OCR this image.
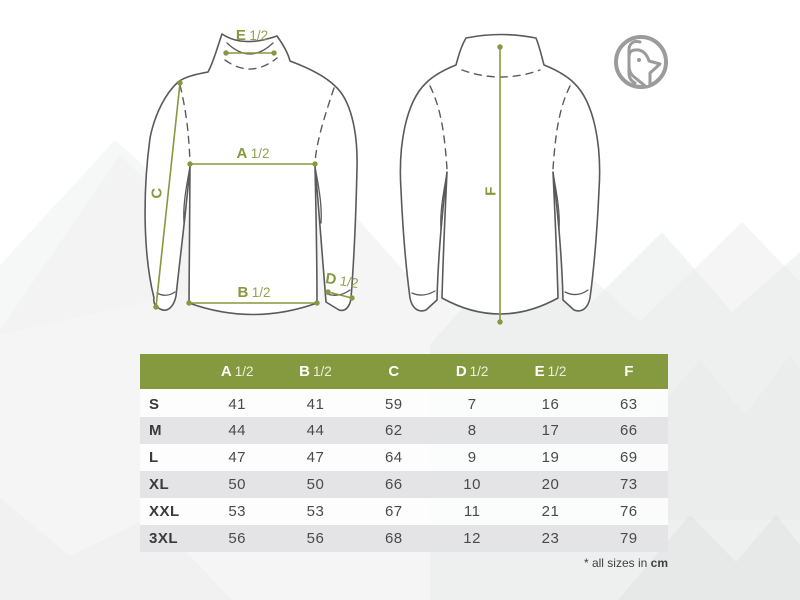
E 1/2
A 1/2
B 1/2
C
D 1/2
F
	A 1/2	B 1/2	C	D 1/2	E 1/2	F
S	41	41	59	7	16	63
M	44	44	62	8	17	66
L	47	47	64	9	19	69
XL	50	50	66	10	20	73
XXL	53	53	67	11	21	76
3XL	56	56	68	12	23	79
* all sizes in cm
